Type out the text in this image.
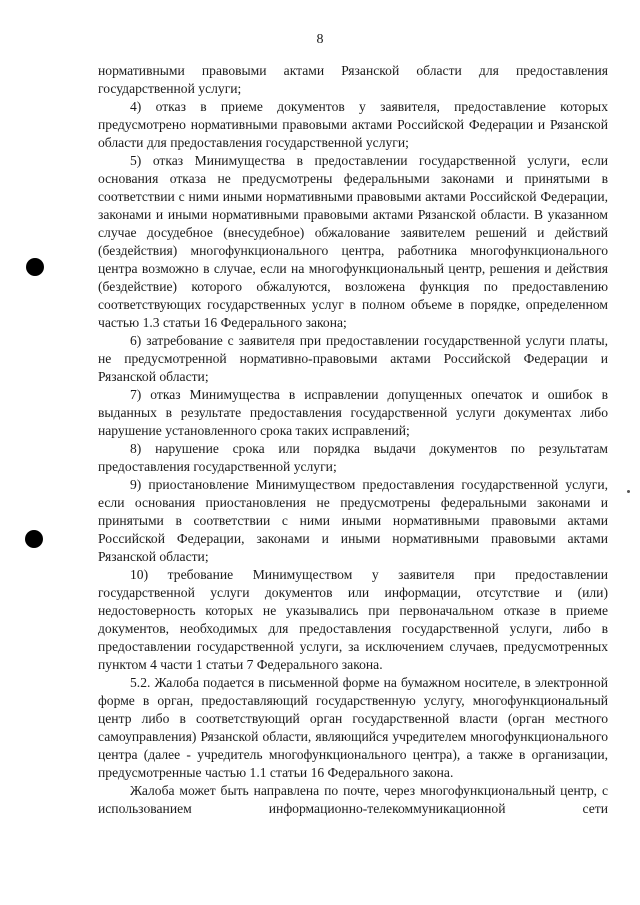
8

нормативными правовыми актами Рязанской области для предоставления государственной услуги;

4) отказ в приеме документов у заявителя, предоставление которых предусмотрено нормативными правовыми актами Российской Федерации и Рязанской области для предоставления государственной услуги;

5) отказ Минимущества в предоставлении государственной услуги, если основания отказа не предусмотрены федеральными законами и принятыми в соответствии с ними иными нормативными правовыми актами Российской Федерации, законами и иными нормативными правовыми актами Рязанской области. В указанном случае досудебное (внесудебное) обжалование заявителем решений и действий (бездействия) многофункционального центра, работника многофункционального центра возможно в случае, если на многофункциональный центр, решения и действия (бездействие) которого обжалуются, возложена функция по предоставлению соответствующих государственных услуг в полном объеме в порядке, определенном частью 1.3 статьи 16 Федерального закона;

6) затребование с заявителя при предоставлении государственной услуги платы, не предусмотренной нормативно-правовыми актами Российской Федерации и Рязанской области;

7) отказ Минимущества в исправлении допущенных опечаток и ошибок в выданных в результате предоставления государственной услуги документах либо нарушение установленного срока таких исправлений;

8) нарушение срока или порядка выдачи документов по результатам предоставления государственной услуги;

9) приостановление Минимуществом предоставления государственной услуги, если основания приостановления не предусмотрены федеральными законами и принятыми в соответствии с ними иными нормативными правовыми актами Российской Федерации, законами и иными нормативными правовыми актами Рязанской области;

10) требование Минимуществом у заявителя при предоставлении государственной услуги документов или информации, отсутствие и (или) недостоверность которых не указывались при первоначальном отказе в приеме документов, необходимых для предоставления государственной услуги, либо в предоставлении государственной услуги, за исключением случаев, предусмотренных пунктом 4 части 1 статьи 7 Федерального закона.

5.2. Жалоба подается в письменной форме на бумажном носителе, в электронной форме в орган, предоставляющий государственную услугу, многофункциональный центр либо в соответствующий орган государственной власти (орган местного самоуправления) Рязанской области, являющийся учредителем многофункционального центра (далее - учредитель многофункционального центра), а также в организации, предусмотренные частью 1.1 статьи 16 Федерального закона.

Жалоба может быть направлена по почте, через многофункциональный центр, с использованием информационно-телекоммуникационной сети
